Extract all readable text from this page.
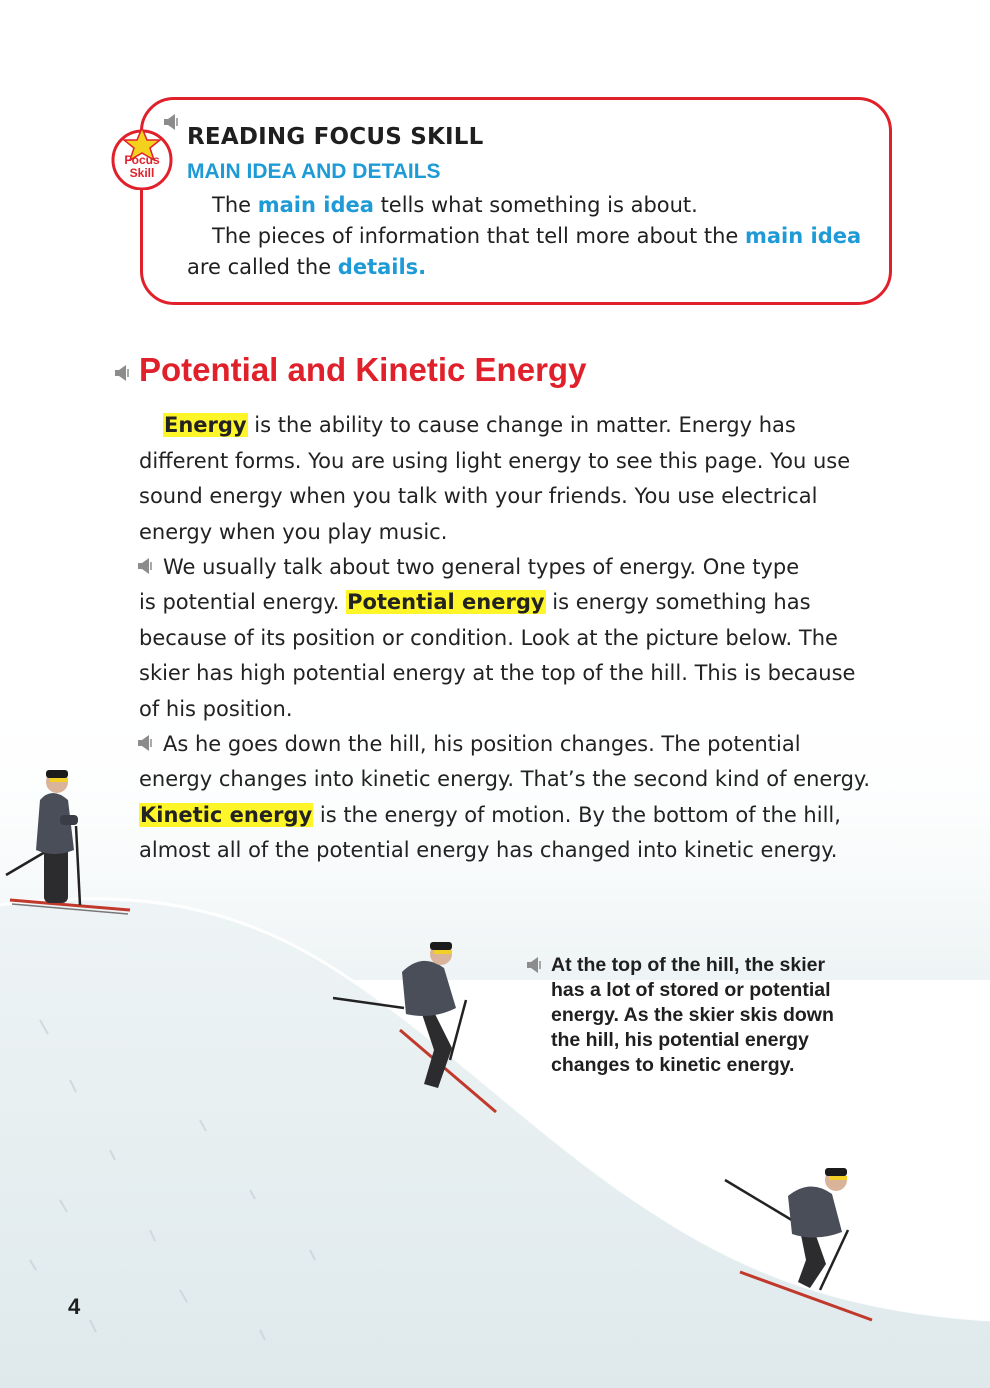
Focus
Skill
READING FOCUS SKILL
MAIN IDEA AND DETAILS
The main idea tells what something is about.
The pieces of information that tell more about the main idea
are called the details.
Potential and Kinetic Energy
Energy is the ability to cause change in matter. Energy has
different forms. You are using light energy to see this page. You use
sound energy when you talk with your friends. You use electrical
energy when you play music.
We usually talk about two general types of energy. One type
is potential energy. Potential energy is energy something has
because of its position or condition. Look at the picture below. The
skier has high potential energy at the top of the hill. This is because
of his position.
As he goes down the hill, his position changes. The potential
energy changes into kinetic energy. That’s the second kind of energy.
Kinetic energy is the energy of motion. By the bottom of the hill,
almost all of the potential energy has changed into kinetic energy.
At the top of the hill, the skier has a lot of stored or potential energy. As the skier skis down the hill, his potential energy changes to kinetic energy.
4
